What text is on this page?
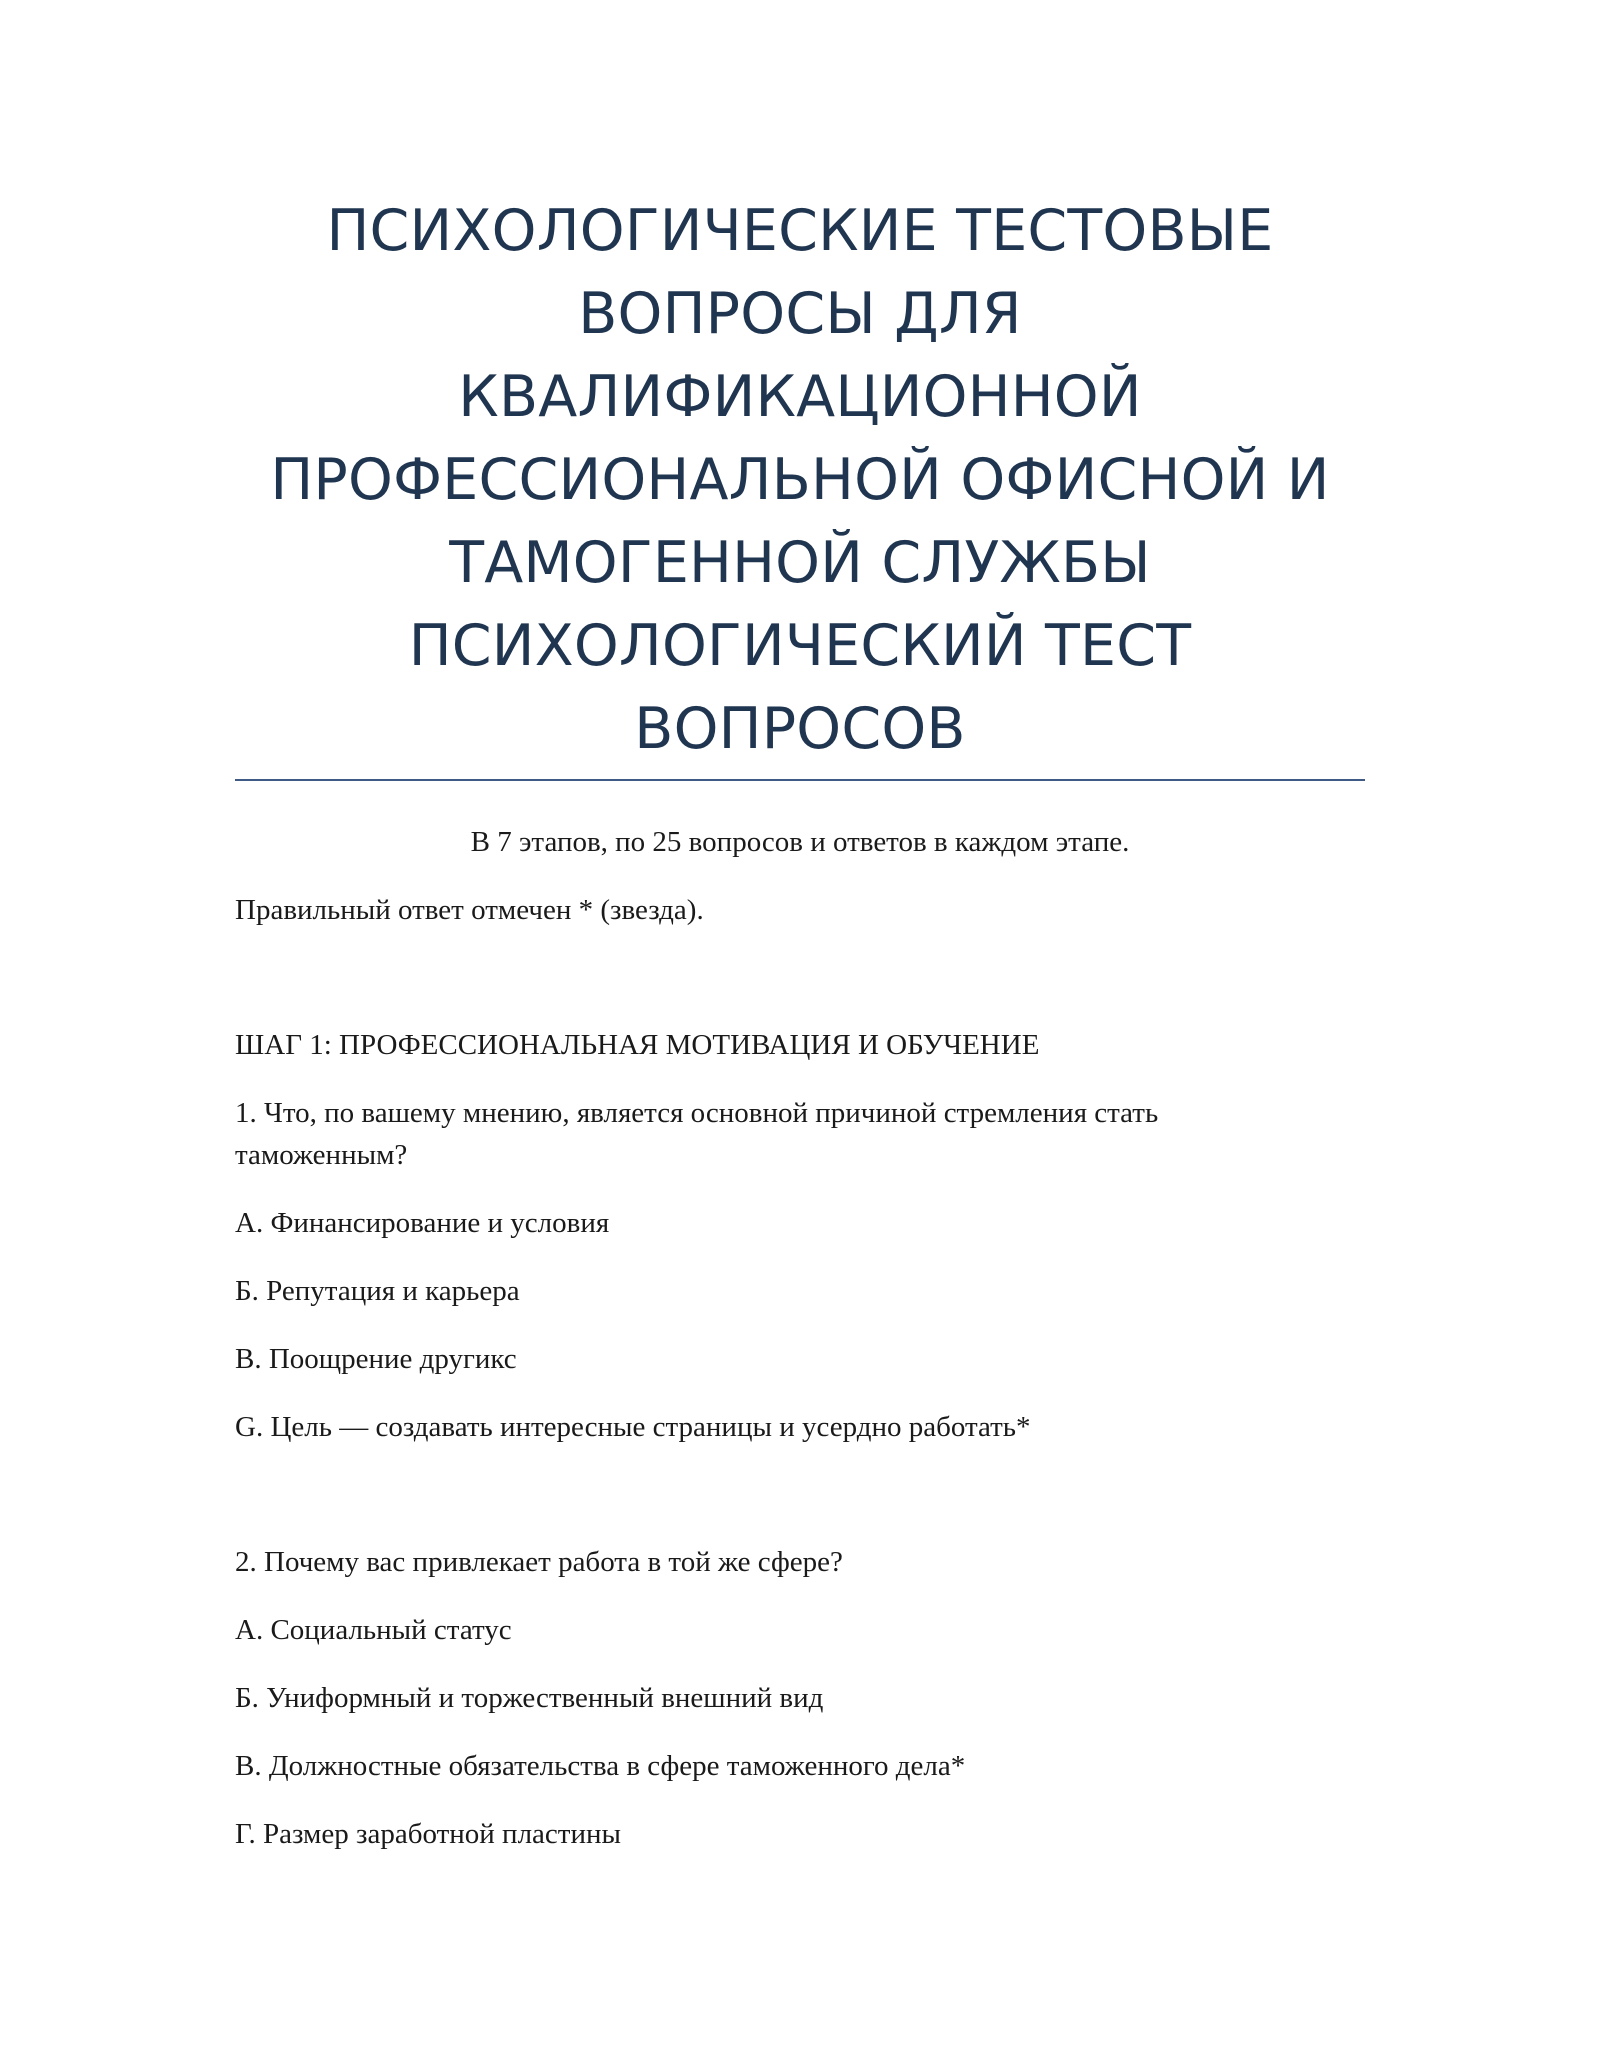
ПСИХОЛОГИЧЕСКИЕ ТЕСТОВЫЕ
ВОПРОСЫ ДЛЯ
КВАЛИФИКАЦИОННОЙ
ПРОФЕССИОНАЛЬНОЙ ОФИСНОЙ И
ТАМОГЕННОЙ СЛУЖБЫ
ПСИХОЛОГИЧЕСКИЙ ТЕСТ ВОПРОСОВ

В 7 этапов, по 25 вопросов и ответов в каждом этапе.

Правильный ответ отмечен * (звезда).

ШАГ 1: ПРОФЕССИОНАЛЬНАЯ МОТИВАЦИЯ И ОБУЧЕНИЕ

1. Что, по вашему мнению, является основной причиной стремления стать
таможенным?

А. Финансирование и условия

Б. Репутация и карьера

В. Поощрение другикс

G. Цель — создавать интересные страницы и усердно работать*

2. Почему вас привлекает работа в той же сфере?

А. Социальный статус

Б. Униформный и торжественный внешний вид

В. Должностные обязательства в сфере таможенного дела*

Г. Размер заработной пластины
